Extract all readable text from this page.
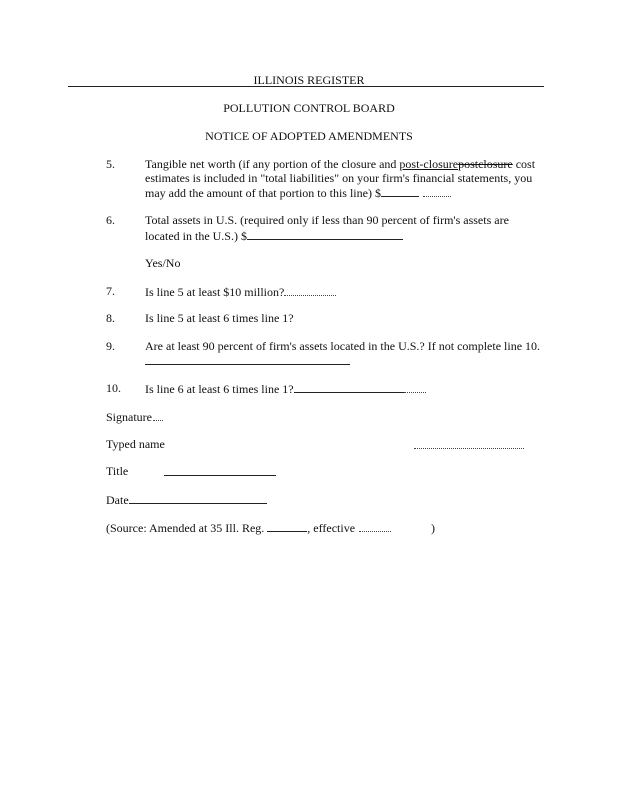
ILLINOIS REGISTER
POLLUTION CONTROL BOARD
NOTICE OF ADOPTED AMENDMENTS
5.	Tangible net worth (if any portion of the closure and post-closurepostclosure cost
estimates is included in "total liabilities" on your firm's financial statements, you
may add the amount of that portion to this line) $
6.	Total assets in U.S. (required only if less than 90 percent of firm's assets are
located in the U.S.) $
Yes/No
7.	Is line 5 at least $10 million?
8.	Is line 5 at least 6 times line 1?
9.	Are at least 90 percent of firm's assets located in the U.S.? If not complete line 10.
10. Is line 6 at least 6 times line 1?
Signature
Typed name
Title
Date
(Source: Amended at 35 Ill. Reg.	, effective	)
